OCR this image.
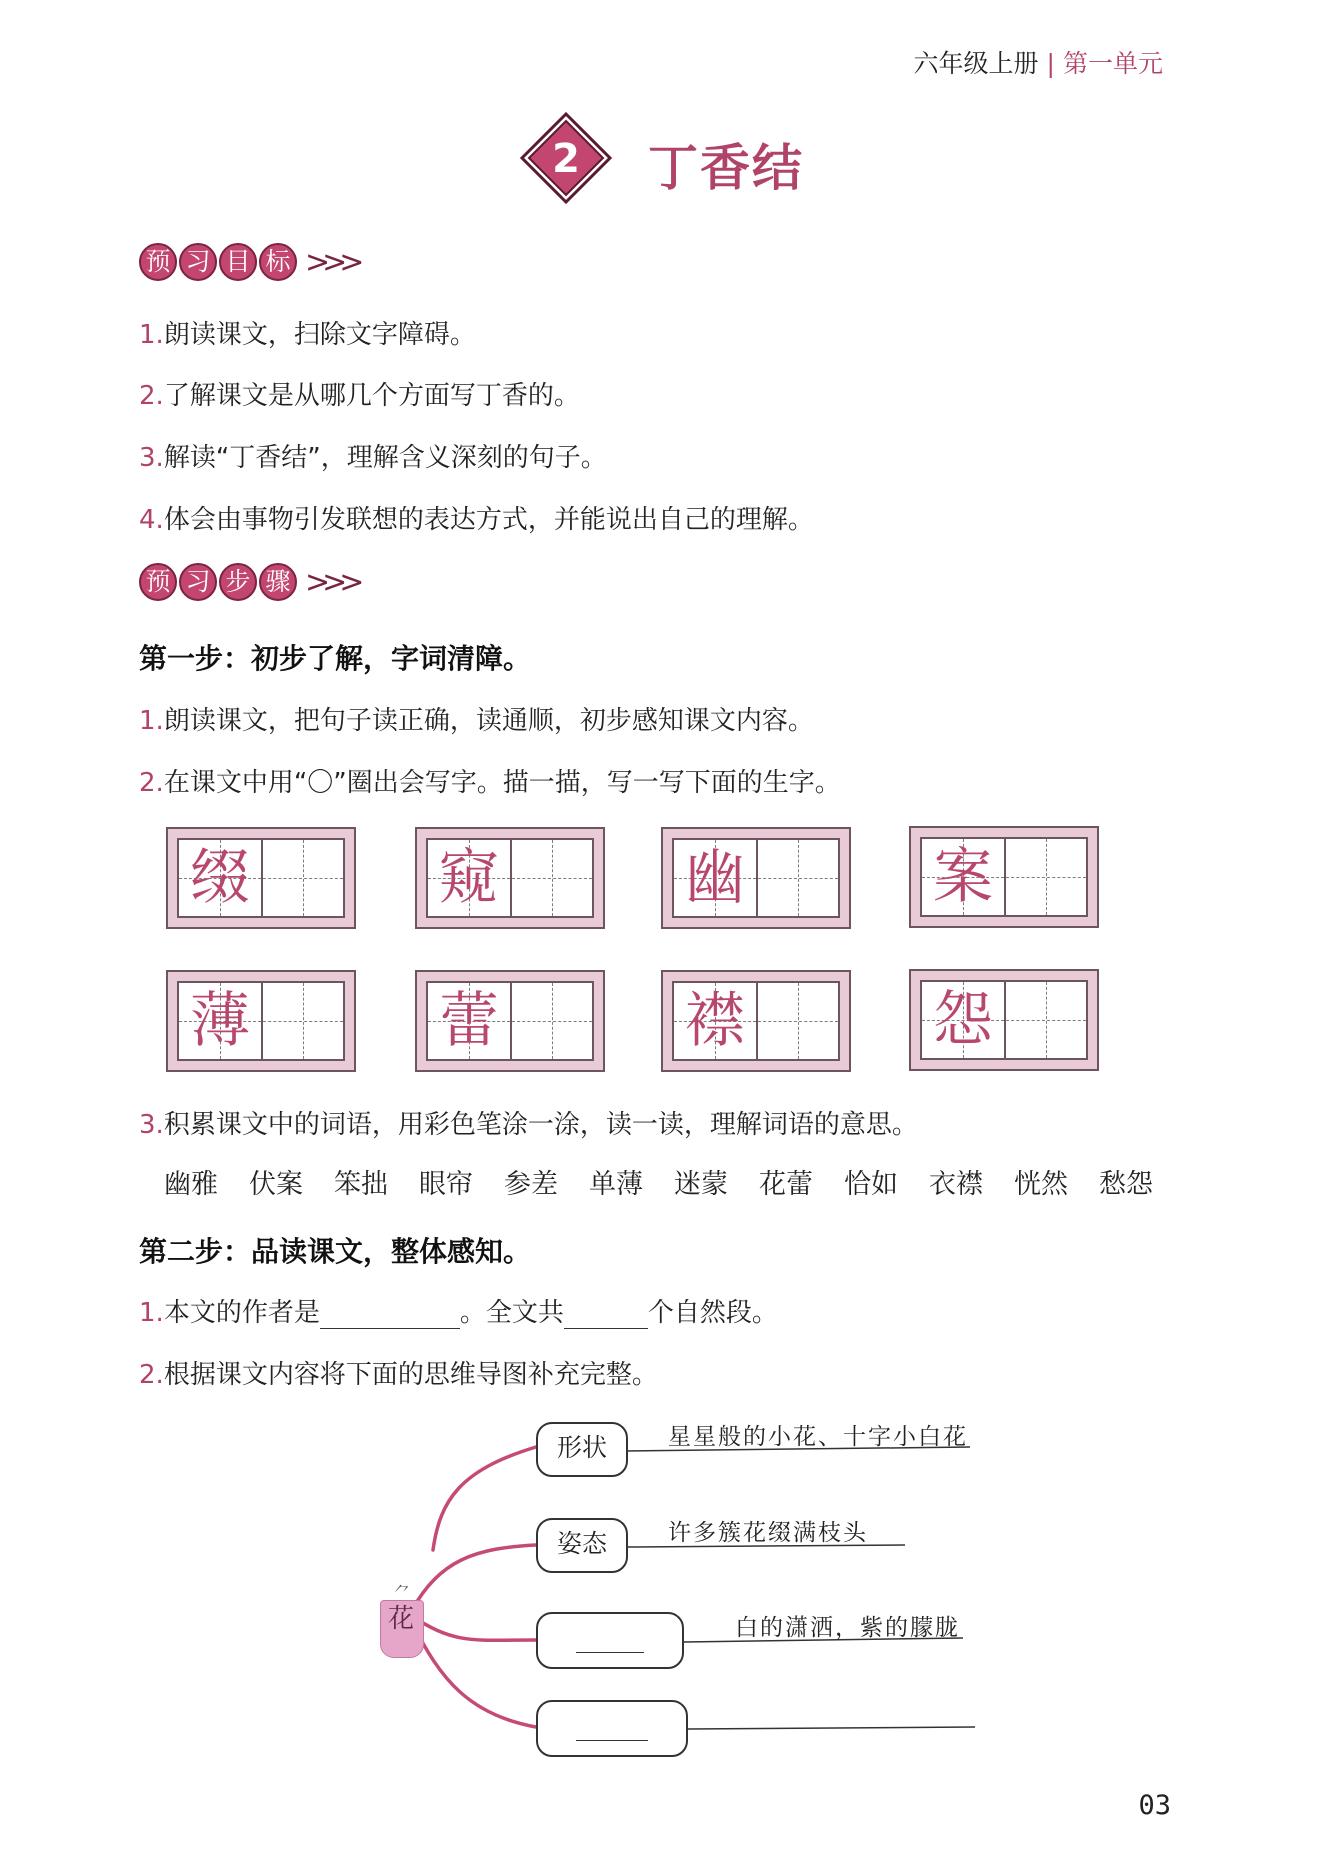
六年级上册 | 第一单元
2 丁香结
预 习 目 标 >>>
1.朗读课文，扫除文字障碍。
2.了解课文是从哪几个方面写丁香的。
3.解读“丁香结”，理解含义深刻的句子。
4.体会由事物引发联想的表达方式，并能说出自己的理解。
预 习 步 骤 >>>
第一步：初步了解，字词清障。
1.朗读课文，把句子读正确，读通顺，初步感知课文内容。
2.在课文中用“〇”圈出会写字。描一描，写一写下面的生字。
缀	窥	幽	案
薄	蕾	襟	怨
3.积累课文中的词语，用彩色笔涂一涂，读一读，理解词语的意思。
幽雅 伏案 笨拙 眼帘 参差 单薄 迷蒙 花蕾 恰如 衣襟 恍然 愁怨
第二步：品读课文，整体感知。
1.本文的作者是	。全文共	个自然段。
2.根据课文内容将下面的思维导图补充完整。
⺈
花
形状
姿态
星星般的小花、十字小白花
许多簇花缀满枝头
白的潇洒，紫的朦胧
03
